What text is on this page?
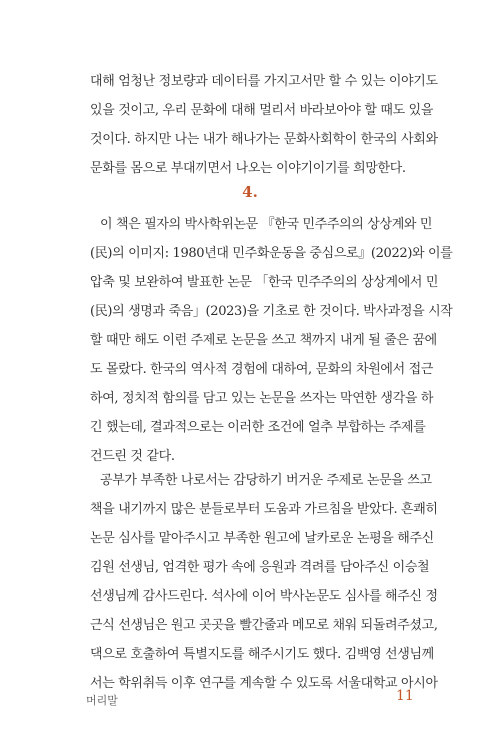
대해 엄청난 정보량과 데이터를 가지고서만 할 수 있는 이야기도
있을 것이고, 우리 문화에 대해 멀리서 바라보아야 할 때도 있을
것이다. 하지만 나는 내가 해나가는 문화사회학이 한국의 사회와
문화를 몸으로 부대끼면서 나오는 이야기이기를 희망한다.
4.
이 책은 필자의 박사학위논문 『한국 민주주의의 상상계와 민
(民)의 이미지: 1980년대 민주화운동을 중심으로』(2022)와 이를
압축 및 보완하여 발표한 논문 「한국 민주주의의 상상계에서 민
(民)의 생명과 죽음」(2023)을 기초로 한 것이다. 박사과정을 시작
할 때만 해도 이런 주제로 논문을 쓰고 책까지 내게 될 줄은 꿈에
도 몰랐다. 한국의 역사적 경험에 대하여, 문화의 차원에서 접근
하여, 정치적 함의를 담고 있는 논문을 쓰자는 막연한 생각을 하
긴 했는데, 결과적으로는 이러한 조건에 얼추 부합하는 주제를
건드린 것 같다.
공부가 부족한 나로서는 감당하기 버거운 주제로 논문을 쓰고
책을 내기까지 많은 분들로부터 도움과 가르침을 받았다. 흔쾌히
논문 심사를 맡아주시고 부족한 원고에 날카로운 논평을 해주신
김원 선생님, 엄격한 평가 속에 응원과 격려를 담아주신 이승철
선생님께 감사드린다. 석사에 이어 박사논문도 심사를 해주신 정
근식 선생님은 원고 곳곳을 빨간줄과 메모로 채워 되돌려주셨고,
댁으로 호출하여 특별지도를 해주시기도 했다. 김백영 선생님께
서는 학위취득 이후 연구를 계속할 수 있도록 서울대학교 아시아
머리말	11
